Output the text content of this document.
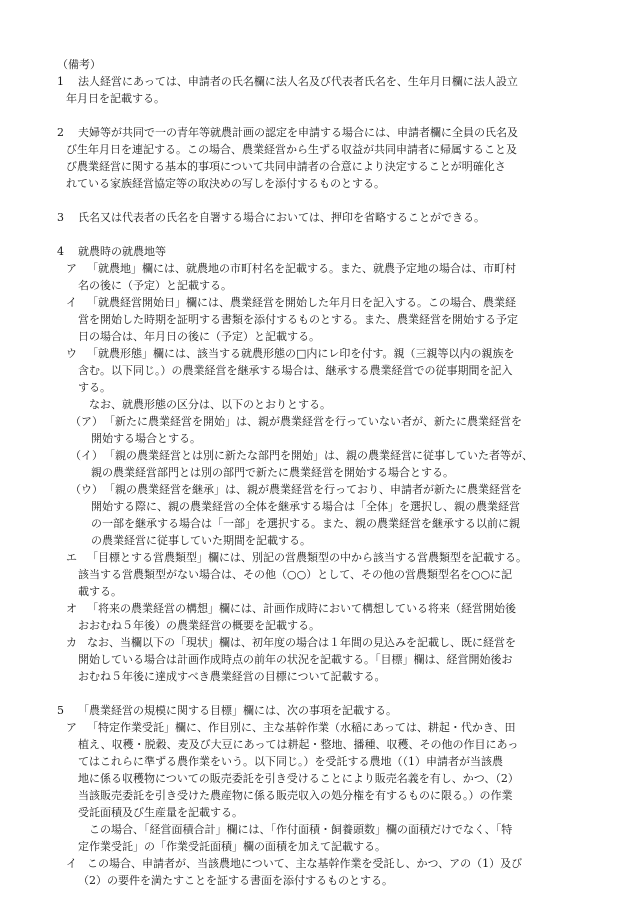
（備考）
1 法人経営にあっては、申請者の氏名欄に法人名及び代表者氏名を、生年月日欄に法人設立
年月日を記載する。
2 夫婦等が共同で一の青年等就農計画の認定を申請する場合には、申請者欄に全員の氏名及
び生年月日を連記する。この場合、農業経営から生ずる収益が共同申請者に帰属すること及
び農業経営に関する基本的事項について共同申請者の合意により決定することが明確化さ
れている家族経営協定等の取決めの写しを添付するものとする。
3 氏名又は代表者の氏名を自署する場合においては、押印を省略することができる。
4 就農時の就農地等
ア 「就農地」欄には、就農地の市町村名を記載する。また、就農予定地の場合は、市町村
名の後に（予定）と記載する。
イ 「就農経営開始日」欄には、農業経営を開始した年月日を記入する。この場合、農業経
営を開始した時期を証明する書類を添付するものとする。また、農業経営を開始する予定
日の場合は、年月日の後に（予定）と記載する。
ウ 「就農形態」欄には、該当する就農形態の□内にレ印を付す。親（三親等以内の親族を
含む。以下同じ。）の農業経営を継承する場合は、継承する農業経営での従事期間を記入
する。
なお、就農形態の区分は、以下のとおりとする。
（ア） 「新たに農業経営を開始」は、親が農業経営を行っていない者が、新たに農業経営を
開始する場合とする。
（イ） 「親の農業経営とは別に新たな部門を開始」は、親の農業経営に従事していた者等が、
親の農業経営部門とは別の部門で新たに農業経営を開始する場合とする。
（ウ） 「親の農業経営を継承」は、親が農業経営を行っており、申請者が新たに農業経営を
開始する際に、親の農業経営の全体を継承する場合は「全体」を選択し、親の農業経営
の一部を継承する場合は「一部」を選択する。また、親の農業経営を継承する以前に親
の農業経営に従事していた期間を記載する。
エ 「目標とする営農類型」欄には、別記の営農類型の中から該当する営農類型を記載する。
該当する営農類型がない場合は、その他（○○）として、その他の営農類型名を○○に記
載する。
オ 「将来の農業経営の構想」欄には、計画作成時において構想している将来（経営開始後
おおむね５年後）の農業経営の概要を記載する。
カ なお、当欄以下の「現状」欄は、初年度の場合は１年間の見込みを記載し、既に経営を
開始している場合は計画作成時点の前年の状況を記載する。「目標」欄は、経営開始後お
おむね５年後に達成すべき農業経営の目標について記載する。
5 「農業経営の規模に関する目標」欄には、次の事項を記載する。
ア 「特定作業受託」欄に、作目別に、主な基幹作業（水稲にあっては、耕起・代かき、田
植え、収穫・脱穀、麦及び大豆にあっては耕起・整地、播種、収穫、その他の作目にあっ
てはこれらに準ずる農作業をいう。以下同じ。）を受託する農地（（1）申請者が当該農
地に係る収穫物についての販売委託を引き受けることにより販売名義を有し、かつ、（2）
当該販売委託を引き受けた農産物に係る販売収入の処分権を有するものに限る。）の作業
受託面積及び生産量を記載する。
この場合、「経営面積合計」欄には、「作付面積・飼養頭数」欄の面積だけでなく、「特
定作業受託」の「作業受託面積」欄の面積を加えて記載する。
イ この場合、申請者が、当該農地について、主な基幹作業を受託し、かつ、アの（1）及び
（2）の要件を満たすことを証する書面を添付するものとする。
